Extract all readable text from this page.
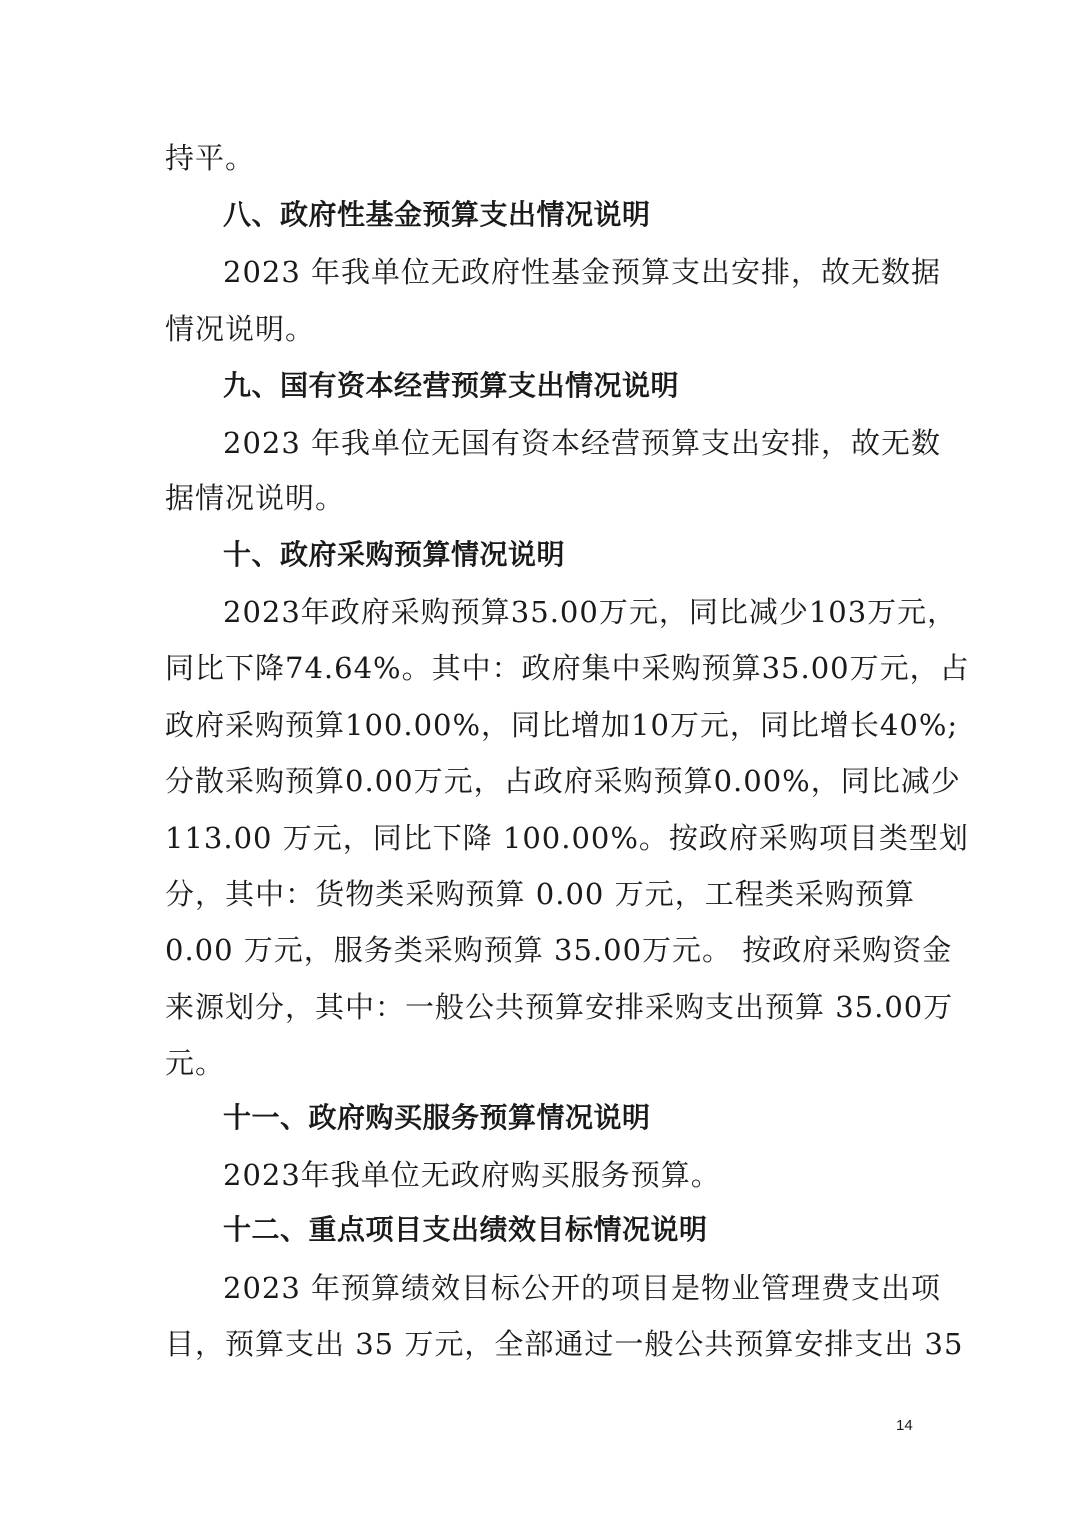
持平。
八、政府性基金预算支出情况说明
2023 年我单位无政府性基金预算支出安排，故无数据
情况说明。
九、国有资本经营预算支出情况说明
2023 年我单位无国有资本经营预算支出安排，故无数
据情况说明。
十、政府采购预算情况说明
2023年政府采购预算35.00万元，同比减少103万元，
同比下降74.64%。其中：政府集中采购预算35.00万元，占
政府采购预算100.00%，同比增加10万元，同比增长40%;
分散采购预算0.00万元，占政府采购预算0.00%，同比减少
113.00 万元，同比下降 100.00%。按政府采购项目类型划
分，其中：货物类采购预算 0.00 万元，工程类采购预算
0.00 万元，服务类采购预算 35.00万元。 按政府采购资金
来源划分，其中：一般公共预算安排采购支出预算 35.00万
元。
十一、政府购买服务预算情况说明
2023年我单位无政府购买服务预算。
十二、重点项目支出绩效目标情况说明
2023 年预算绩效目标公开的项目是物业管理费支出项
目，预算支出 35 万元，全部通过一般公共预算安排支出 35
14
